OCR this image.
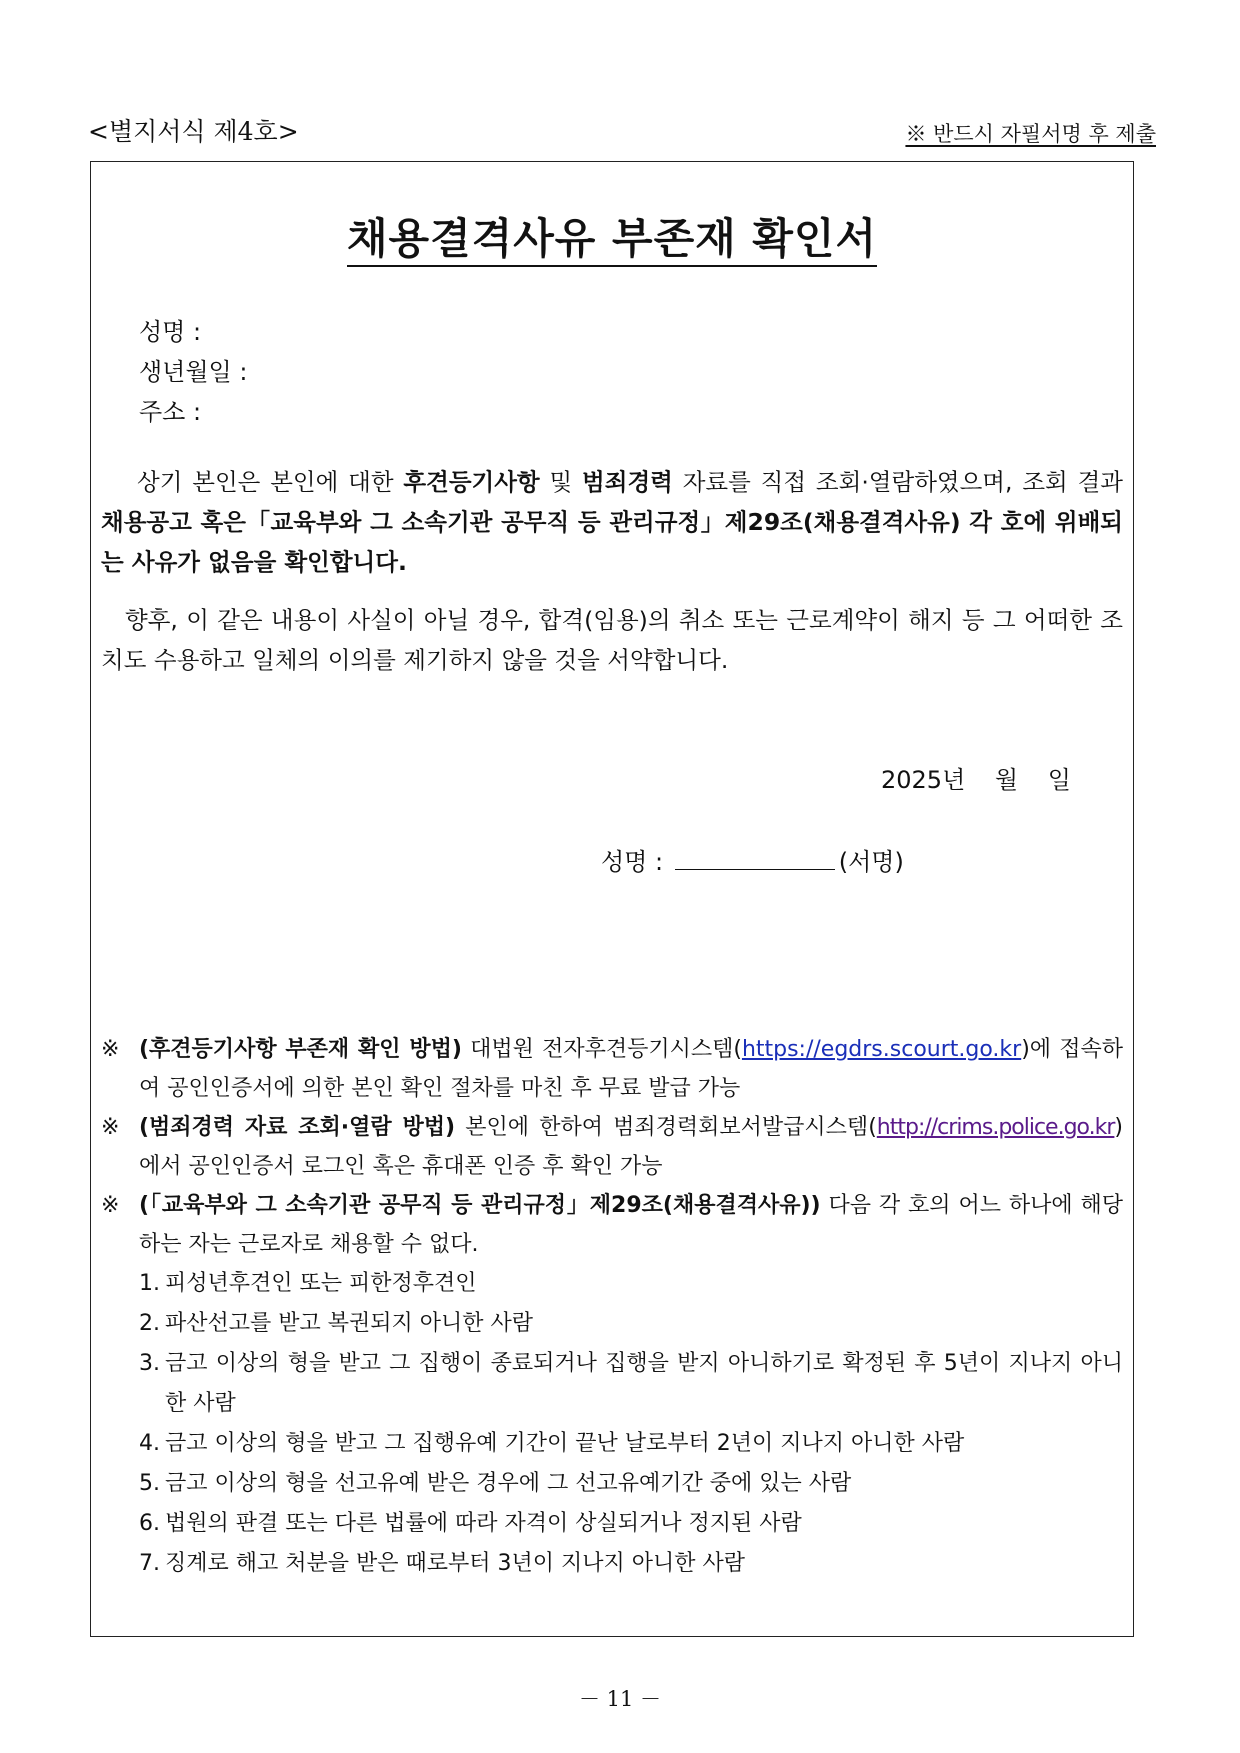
<별지서식 제4호>	※ 반드시 자필서명 후 제출
채용결격사유 부존재 확인서
성명 :
생년월일 :
주소 :
상기 본인은 본인에 대한 후견등기사항 및 범죄경력 자료를 직접 조회·열람하였으며, 조회 결과 채용공고 혹은「교육부와 그 소속기관 공무직 등 관리규정」제29조(채용결격사유) 각 호에 위배되는 사유가 없음을 확인합니다.
향후, 이 같은 내용이 사실이 아닐 경우, 합격(임용)의 취소 또는 근로계약이 해지 등 그 어떠한 조치도 수용하고 일체의 이의를 제기하지 않을 것을 서약합니다.
2025년 월 일
성명 :	(서명)
※ (후견등기사항 부존재 확인 방법) 대법원 전자후견등기시스템(https://egdrs.scourt.go.kr)에 접속하여 공인인증서에 의한 본인 확인 절차를 마친 후 무료 발급 가능
※ (범죄경력 자료 조회·열람 방법) 본인에 한하여 범죄경력회보서발급시스템(http://crims.police.go.kr)에서 공인인증서 로그인 혹은 휴대폰 인증 후 확인 가능
※ (「교육부와 그 소속기관 공무직 등 관리규정」제29조(채용결격사유)) 다음 각 호의 어느 하나에 해당하는 자는 근로자로 채용할 수 없다.
1. 피성년후견인 또는 피한정후견인
2. 파산선고를 받고 복권되지 아니한 사람
3. 금고 이상의 형을 받고 그 집행이 종료되거나 집행을 받지 아니하기로 확정된 후 5년이 지나지 아니한 사람
4. 금고 이상의 형을 받고 그 집행유예 기간이 끝난 날로부터 2년이 지나지 아니한 사람
5. 금고 이상의 형을 선고유예 받은 경우에 그 선고유예기간 중에 있는 사람
6. 법원의 판결 또는 다른 법률에 따라 자격이 상실되거나 정지된 사람
7. 징계로 해고 처분을 받은 때로부터 3년이 지나지 아니한 사람
－ 11 －
